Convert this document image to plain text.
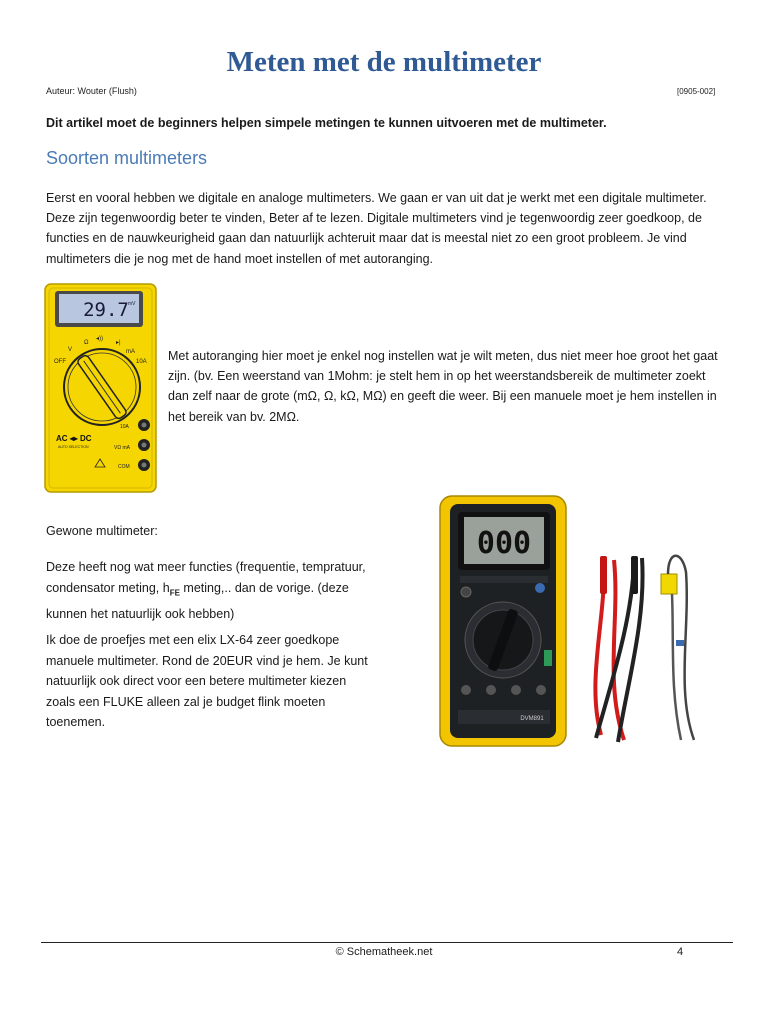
Meten met de multimeter
Auteur: Wouter (Flush)	[0905-002]
Dit artikel moet de beginners helpen simpele metingen te kunnen uitvoeren met de multimeter.
Soorten multimeters
Eerst en vooral hebben we digitale en analoge multimeters. We gaan er van uit dat je werkt met een digitale multimeter. Deze zijn tegenwoordig beter te vinden, Beter af te lezen. Digitale multimeters vind je tegenwoordig zeer goedkoop, de functies en de nauwkeurigheid gaan dan natuurlijk achteruit maar dat is meestal niet zo een groot probleem. Je vind multimeters die je nog met de hand moet instellen of met autoranging.
29.7 mV
OFF
V
Ω
◂))
▸|
mA
10A
AC ◂▸ DC
AUTO SELECTION
10A
VΩ mA
COM
Met autoranging hier moet je enkel nog instellen wat je wilt meten, dus niet meer hoe groot het gaat zijn. (bv. Een weerstand van 1Mohm: je stelt hem in op het weerstandsbereik de multimeter zoekt dan zelf naar de grote (mΩ, Ω, kΩ, MΩ) en geeft die weer. Bij een manuele moet je hem instellen in het bereik van bv. 2MΩ.
Gewone multimeter:
Deze heeft nog wat meer functies (frequentie, tempratuur, condensator meting, $h_{FE}$ meting,.. dan de vorige. (deze kunnen het natuurlijk ook hebben)
Ik doe de proefjes met een elix LX-64 zeer goedkope manuele multimeter. Rond de 20EUR vind je hem. Je kunt natuurlijk ook direct voor een betere multimeter kiezen zoals een FLUKE alleen zal je budget flink moeten toenemen.
000
DVM891
© Schematheek.net	4
